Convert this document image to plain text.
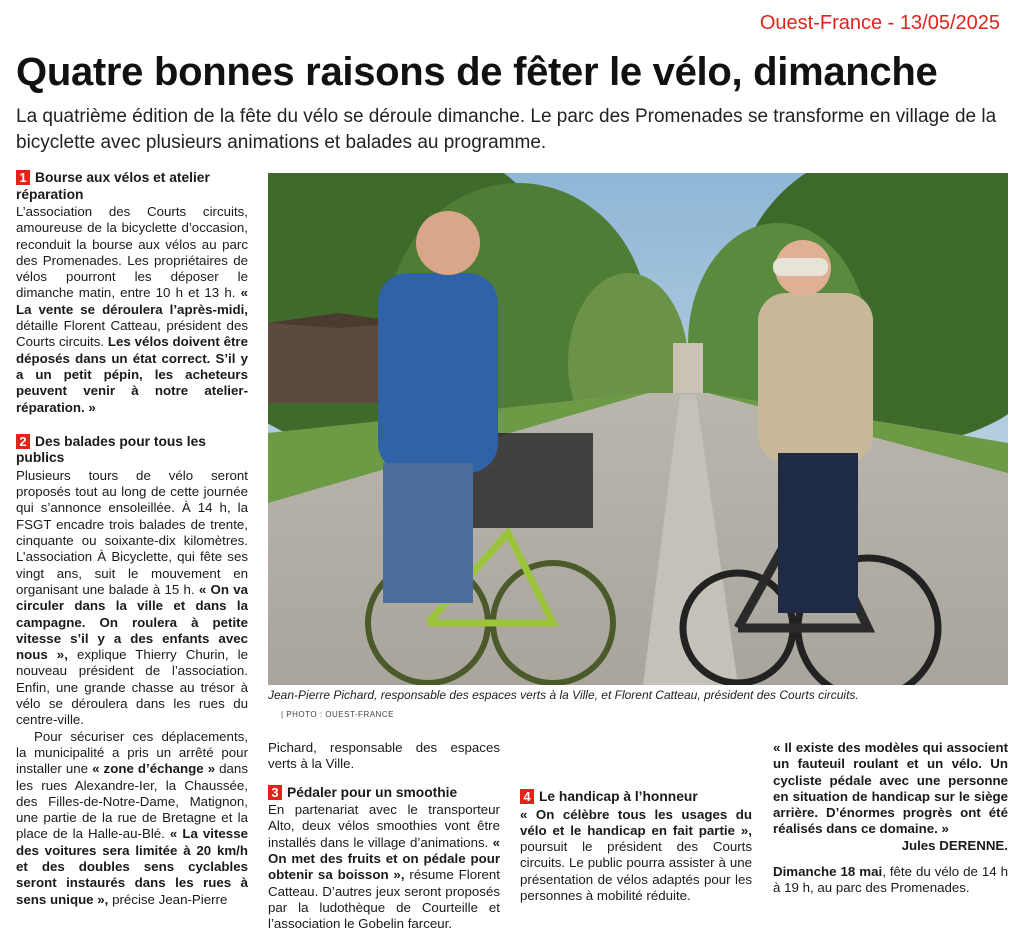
Ouest-France - 13/05/2025
Quatre bonnes raisons de fêter le vélo, dimanche

La quatrième édition de la fête du vélo se déroule dimanche. Le parc des Promenades se transforme en village de la bicyclette avec plusieurs animations et balades au programme.

1 Bourse aux vélos et atelier réparation

L’association des Courts circuits, amoureuse de la bicyclette d’occasion, reconduit la bourse aux vélos au parc des Promenades. Les propriétaires de vélos pourront les déposer le dimanche matin, entre 10 h et 13 h. « La vente se déroulera l’après-midi, détaille Florent Catteau, président des Courts circuits. Les vélos doivent être déposés dans un état correct. S’il y a un petit pépin, les acheteurs peuvent venir à notre atelier-réparation. »

2 Des balades pour tous les publics

Plusieurs tours de vélo seront proposés tout au long de cette journée qui s’annonce ensoleillée. À 14 h, la FSGT encadre trois balades de trente, cinquante ou soixante-dix kilomètres. L’association À Bicyclette, qui fête ses vingt ans, suit le mouvement en organisant une balade à 15 h. « On va circuler dans la ville et dans la campagne. On roulera à petite vitesse s’il y a des enfants avec nous », explique Thierry Churin, le nouveau président de l’association. Enfin, une grande chasse au trésor à vélo se déroulera dans les rues du centre-ville.

Pour sécuriser ces déplacements, la municipalité a pris un arrêté pour installer une « zone d’échange » dans les rues Alexandre-Ier, la Chaussée, des Filles-de-Notre-Dame, Matignon, une partie de la rue de Bretagne et la place de la Halle-au-Blé. « La vitesse des voitures sera limitée à 20 km/h et des doubles sens cyclables seront instaurés dans les rues à sens unique », précise Jean-Pierre

Jean-Pierre Pichard, responsable des espaces verts à la Ville, et Florent Catteau, président des Courts circuits.
| PHOTO : OUEST-FRANCE

Pichard, responsable des espaces verts à la Ville.

3 Pédaler pour un smoothie

En partenariat avec le transporteur Alto, deux vélos smoothies vont être installés dans le village d’animations. « On met des fruits et on pédale pour obtenir sa boisson », résume Florent Catteau. D’autres jeux seront proposés par la ludothèque de Courteille et l’association le Gobelin farceur.

4 Le handicap à l’honneur

« On célèbre tous les usages du vélo et le handicap en fait partie », poursuit le président des Courts circuits. Le public pourra assister à une présentation de vélos adaptés pour les personnes à mobilité réduite.

« Il existe des modèles qui associent un fauteuil roulant et un vélo. Un cycliste pédale avec une personne en situation de handicap sur le siège arrière. D’énormes progrès ont été réalisés dans ce domaine. »

Jules DERENNE.

Dimanche 18 mai, fête du vélo de 14 h à 19 h, au parc des Promenades.
